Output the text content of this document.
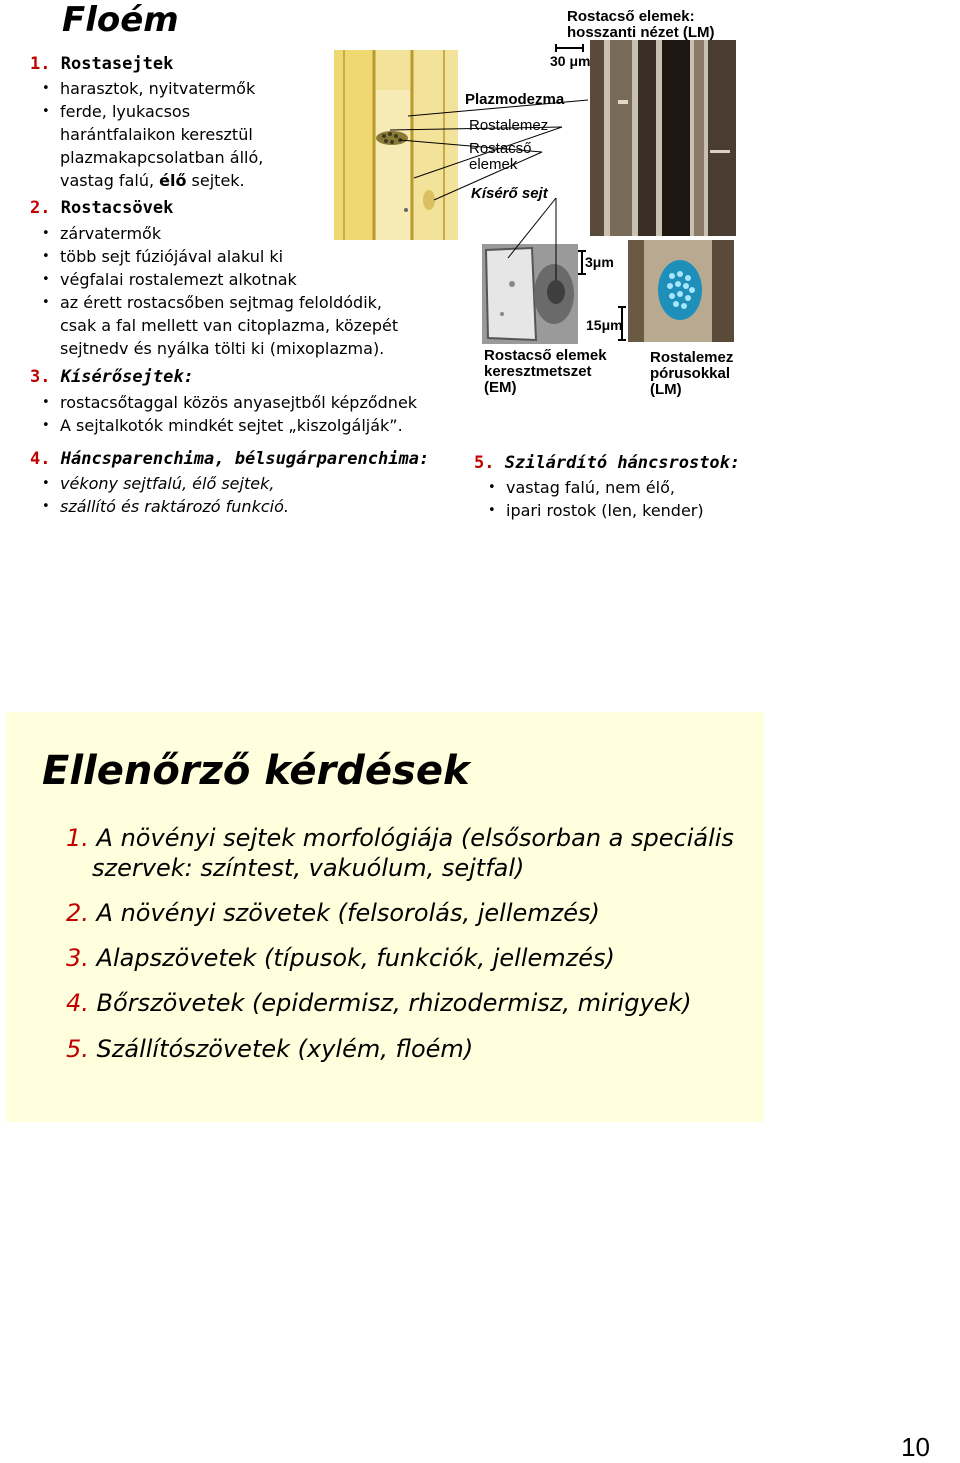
Floém
1. Rostasejtek
• harasztok, nyitvatermők
• ferde, lyukacsos
harántfalaikon keresztül
plazmakapcsolatban álló,
vastag falú, élő sejtek.
2. Rostacsövek
• zárvatermők
• több sejt fúziójával alakul ki
• végfalai rostalemezt alkotnak
• az érett rostacsőben sejtmag feloldódik,
csak a fal mellett van citoplazma, közepét
sejtnedv és nyálka tölti ki (mixoplazma).
3. Kísérősejtek:
• rostacsőtaggal közös anyasejtből képződnek
• A sejtalkotók mindkét sejtet „kiszolgálják”.
4. Háncsparenchima, bélsugárparenchima:
• vékony sejtfalú, élő sejtek,
• szállító és raktározó funkció.
5. Szilárdító háncsrostok:
• vastag falú, nem élő,
• ipari rostok (len, kender)
Rostacső elemek:
hosszanti nézet (LM)
30 μm
Plazmodezma
Rostalemez
Rostacső
elemek
Kísérő sejt
3μm
15μm
Rostacső elemek
keresztmetszet
(EM)
Rostalemez
pórusokkal
(LM)
Ellenőrző kérdések
1. A növényi sejtek morfológiája (elsősorban a speciális
szervek: színtest, vakuólum, sejtfal)
2. A növényi szövetek (felsorolás, jellemzés)
3. Alapszövetek (típusok, funkciók, jellemzés)
4. Bőrszövetek (epidermisz, rhizodermisz, mirigyek)
5. Szállítószövetek (xylém, floém)
10
